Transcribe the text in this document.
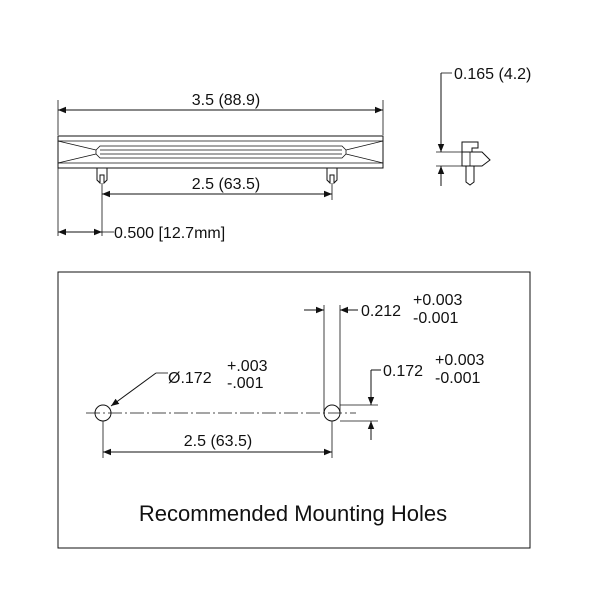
3.5 (88.9)
2.5 (63.5)
0.500 [12.7mm]
0.165 (4.2)
Ø.172
+.003
-.001
2.5 (63.5)
0.212
+0.003
-0.001
0.172
+0.003
-0.001
Recommended Mounting Holes
